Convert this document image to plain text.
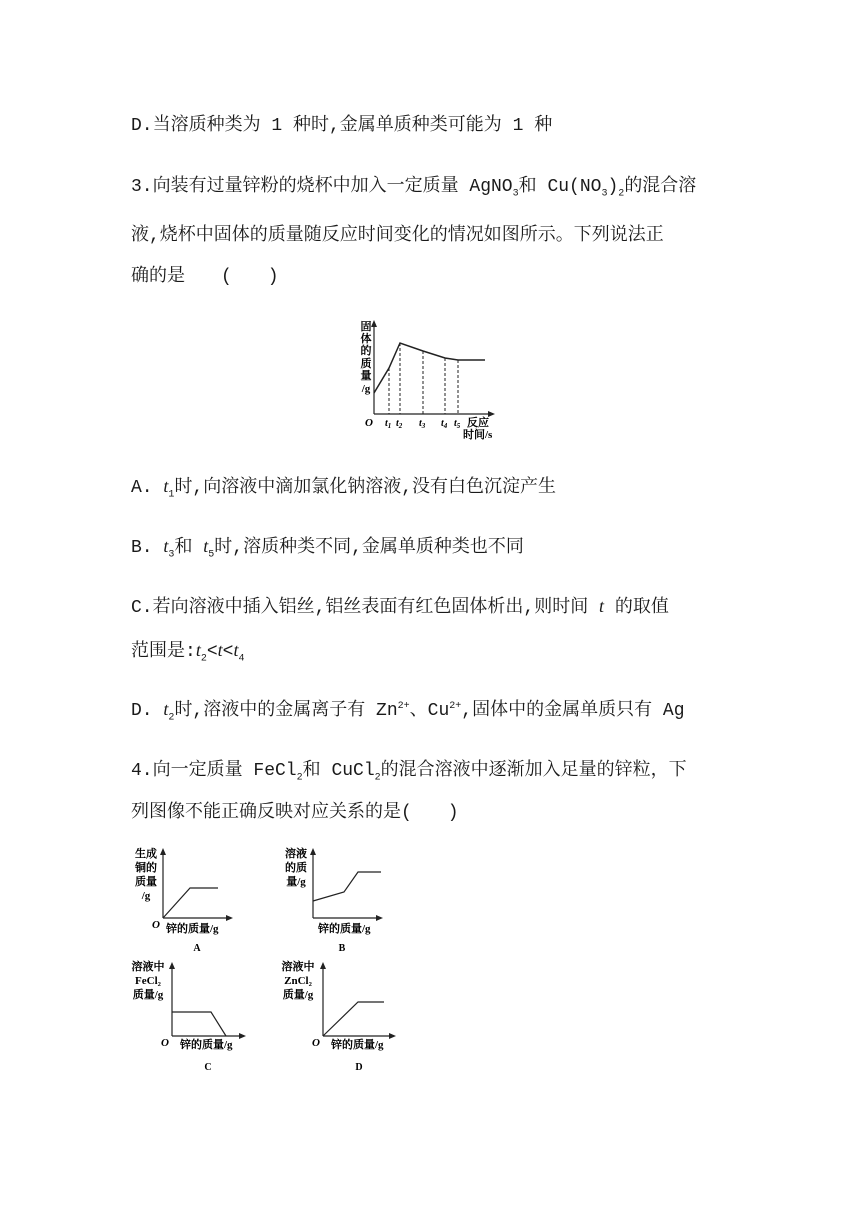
D.当溶质种类为 1 种时,金属单质种类可能为 1 种
3.向装有过量锌粉的烧杯中加入一定质量 AgNO$_3$和 $Cu(NO_3)_2$的混合溶
液,烧杯中固体的质量随反应时间变化的情况如图所示。下列说法正
确的是　　(　　)
固
体
的
质
量
/g
O $t_1$ $t_2$ $t_3$ $t_4$ $t_5$ 反应
时间/s
A. $t_1$时,向溶液中滴加氯化钠溶液,没有白色沉淀产生
B. $t_3$和 $t_5$时,溶质种类不同,金属单质种类也不同
C.若向溶液中插入铝丝,铝丝表面有红色固体析出,则时间 t 的取值
范围是$:t_2<t<t_4$
D. $t_2$时,溶液中的金属离子有 $Zn^{2+}$、$Cu^{2+}$,固体中的金属单质只有 Ag
4.向一定质量 FeCl$_2$和 CuCl$_2$的混合溶液中逐渐加入足量的锌粒，下
列图像不能正确反映对应关系的是(　　)
生成
铜的
质量
/g
O 锌的质量/g
A
溶液
的质
量/g
锌的质量/g
B
溶液中
FeCl₂
质量/g
O 锌的质量/g
C
溶液中
ZnCl₂
质量/g
O 锌的质量/g
D
